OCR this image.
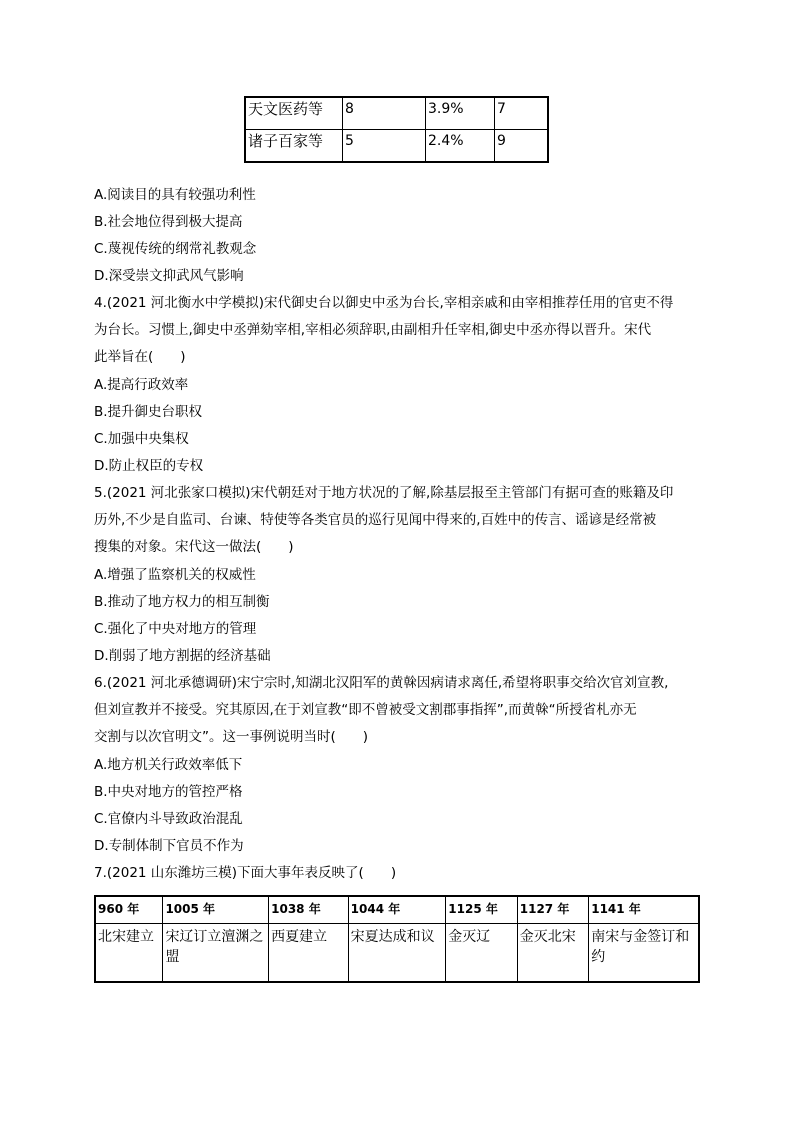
天文医药等	8	3.9%	7
诸子百家等	5	2.4%	9
A.阅读目的具有较强功利性
B.社会地位得到极大提高
C.蔑视传统的纲常礼教观念
D.深受崇文抑武风气影响
4.(2021 河北衡水中学模拟)宋代御史台以御史中丞为台长,宰相亲戚和由宰相推荐任用的官吏不得
为台长。习惯上,御史中丞弹劾宰相,宰相必须辞职,由副相升任宰相,御史中丞亦得以晋升。宋代
此举旨在(　　)
A.提高行政效率
B.提升御史台职权
C.加强中央集权
D.防止权臣的专权
5.(2021 河北张家口模拟)宋代朝廷对于地方状况的了解,除基层报至主管部门有据可查的账籍及印
历外,不少是自监司、台谏、特使等各类官员的巡行见闻中得来的,百姓中的传言、谣谚是经常被
搜集的对象。宋代这一做法(　　)
A.增强了监察机关的权威性
B.推动了地方权力的相互制衡
C.强化了中央对地方的管理
D.削弱了地方割据的经济基础
6.(2021 河北承德调研)宋宁宗时,知湖北汉阳军的黄榦因病请求离任,希望将职事交给次官刘宣教,
但刘宣教并不接受。究其原因,在于刘宣教“即不曾被受文割郡事指挥”,而黄榦“所授省札亦无
交割与以次官明文”。这一事例说明当时(　　)
A.地方机关行政效率低下
B.中央对地方的管控严格
C.官僚内斗导致政治混乱
D.专制体制下官员不作为
7.(2021 山东潍坊三模)下面大事年表反映了(　　)
960 年	1005 年	1038 年	1044 年	1125 年	1127 年	1141 年
北宋建立	宋辽订立澶渊之盟	西夏建立	宋夏达成和议	金灭辽	金灭北宋	南宋与金签订和约
